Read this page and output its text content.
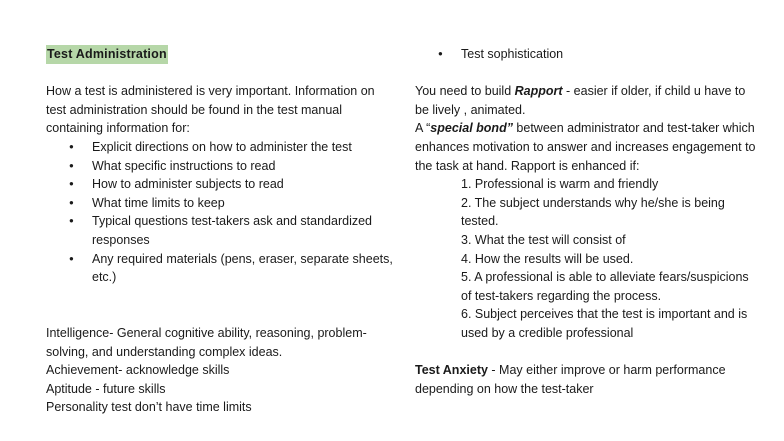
Test Administration

How a test is administered is very important. Information on test administration should be found in the test manual containing information for:

● Explicit directions on how to administer the test
● What specific instructions to read
● How to administer subjects to read
● What time limits to keep
● Typical questions test-takers ask and standardized responses
● Any required materials (pens, eraser, separate sheets, etc.)

Intelligence- General cognitive ability, reasoning, problem-solving, and understanding complex ideas.

Achievement- acknowledge skills

Aptitude - future skills

Personality test don’t have time limits

● Test sophistication

You need to build Rapport - easier if older, if child u have to be lively , animated.

A “special bond” between administrator and test-taker which enhances motivation to answer and increases engagement to the task at hand. Rapport is enhanced if:

1. Professional is warm and friendly

2. The subject understands why he/she is being tested.

3. What the test will consist of

4. How the results will be used.

5. A professional is able to alleviate fears/suspicions of test-takers regarding the process.

6. Subject perceives that the test is important and is used by a credible professional

Test Anxiety - May either improve or harm performance depending on how the test-taker
